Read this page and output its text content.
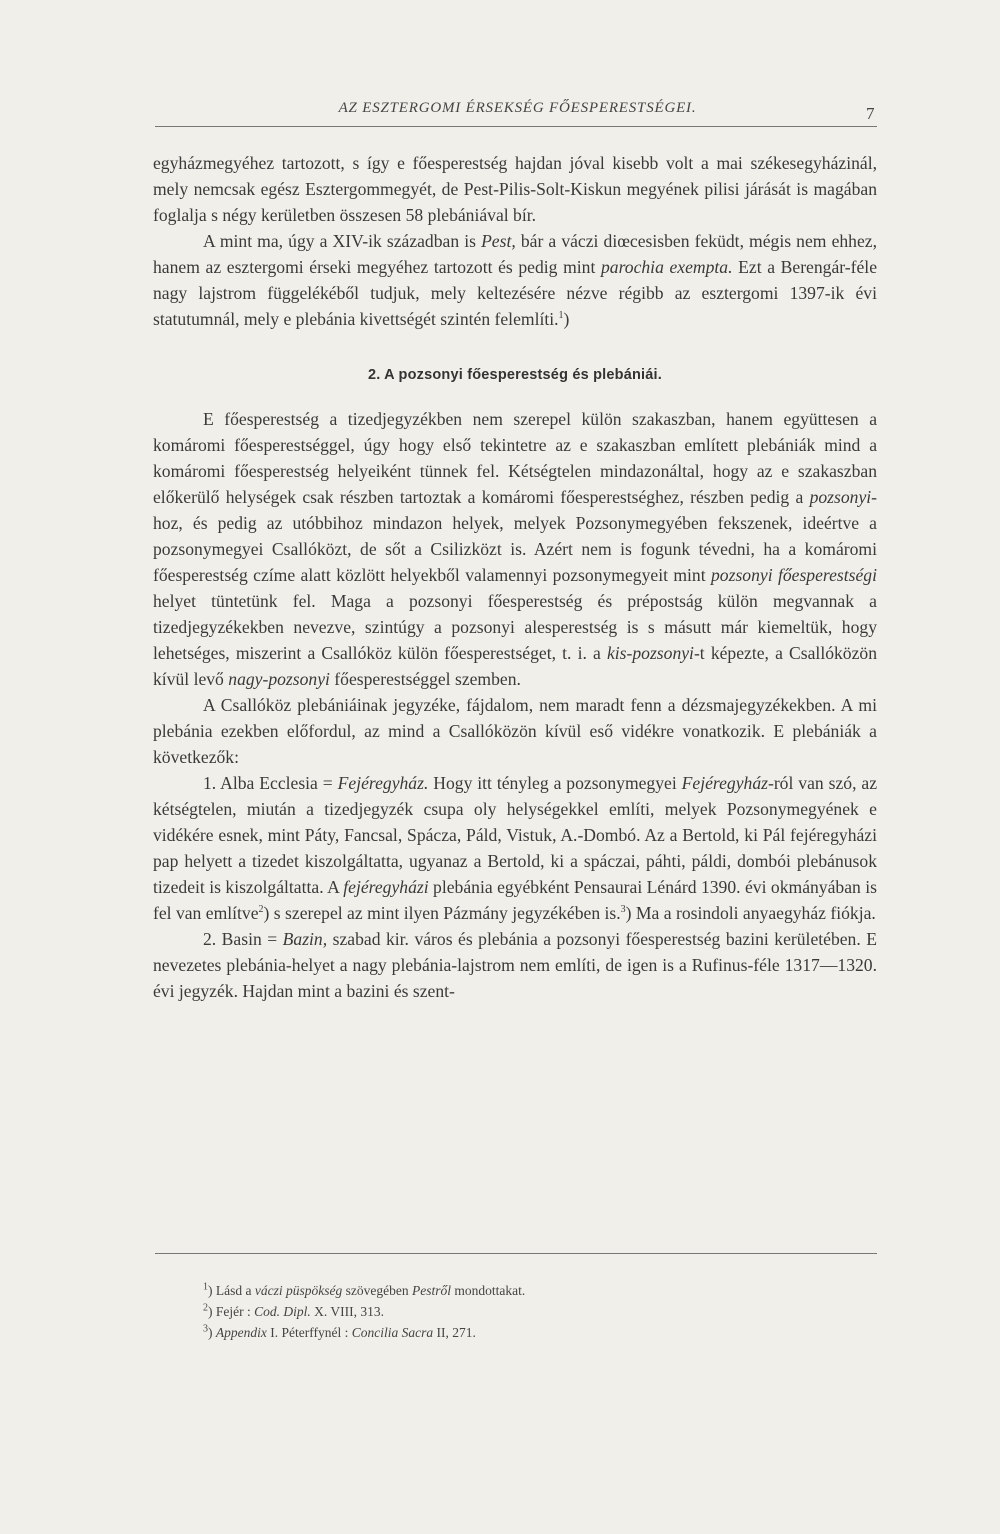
AZ ESZTERGOMI ÉRSEKSÉG FŐESPERESTSÉGEI.	7

egyházmegyéhez tartozott, s így e főesperestség hajdan jóval kisebb volt a mai székesegyházinál, mely nemcsak egész Esztergommegyét, de Pest-Pilis-Solt-Kiskun megyének pilisi járását is magában foglalja s négy kerületben összesen 58 plebániával bír.

A mint ma, úgy a XIV-ik században is Pest, bár a váczi diœcesisben feküdt, mégis nem ehhez, hanem az esztergomi érseki megyéhez tartozott és pedig mint parochia exempta. Ezt a Berengár-féle nagy lajstrom függelékéből tudjuk, mely keltezésére nézve régibb az esztergomi 1397-ik évi statutumnál, mely e plebánia kivettségét szintén felemlíti.$^1$)

2. A pozsonyi főesperestség és plebániái.

E főesperestség a tizedjegyzékben nem szerepel külön szakaszban, hanem együttesen a komáromi főesperestséggel, úgy hogy első tekintetre az e szakaszban említett plebániák mind a komáromi főesperestség helyeiként tünnek fel. Kétségtelen mindazonáltal, hogy az e szakaszban előkerülő helységek csak részben tartoztak a komáromi főesperestséghez, részben pedig a pozsonyi-hoz, és pedig az utóbbihoz mindazon helyek, melyek Pozsonymegyében fekszenek, ideértve a pozsonymegyei Csallóközt, de sőt a Csilizközt is. Azért nem is fogunk tévedni, ha a komáromi főesperestség czíme alatt közlött helyekből valamennyi pozsonymegyeit mint pozsonyi főesperestségi helyet tüntetünk fel. Maga a pozsonyi főesperestség és prépostság külön megvannak a tizedjegyzékekben nevezve, szintúgy a pozsonyi alesperestség is s másutt már kiemeltük, hogy lehetséges, miszerint a Csallóköz külön főesperestséget, t. i. a kis-pozsonyi-t képezte, a Csallóközön kívül levő nagy-pozsonyi főesperestséggel szemben.

A Csallóköz plebániáinak jegyzéke, fájdalom, nem maradt fenn a dézsmajegyzékekben. A mi plebánia ezekben előfordul, az mind a Csallóközön kívül eső vidékre vonatkozik. E plebániák a következők:

1. Alba Ecclesia = Fejéregyház. Hogy itt tényleg a pozsonymegyei Fejéregyház-ról van szó, az kétségtelen, miután a tizedjegyzék csupa oly helységekkel említi, melyek Pozsonymegyének e vidékére esnek, mint Páty, Fancsal, Spácza, Páld, Vistuk, A.-Dombó. Az a Bertold, ki Pál fejéregyházi pap helyett a tizedet kiszolgáltatta, ugyanaz a Bertold, ki a spáczai, páhti, páldi, dombói plebánusok tizedeit is kiszolgáltatta. A fejéregyházi plebánia egyébként Pensaurai Lénárd 1390. évi okmányában is fel van említve$^2$) s szerepel az mint ilyen Pázmány jegyzékében is.$^3$) Ma a rosindoli anyaegyház fiókja.

2. Basin = Bazin, szabad kir. város és plebánia a pozsonyi főesperestség bazini kerületében. E nevezetes plebánia-helyet a nagy plebánia-lajstrom nem említi, de igen is a Rufinus-féle 1317—1320. évi jegyzék. Hajdan mint a bazini és szent-

$^1$) Lásd a váczi püspökség szövegében Pestről mondottakat.
$^2$) Fejér : Cod. Dipl. X. VIII, 313.
$^3$) Appendix I. Péterffynél : Concilia Sacra II, 271.
